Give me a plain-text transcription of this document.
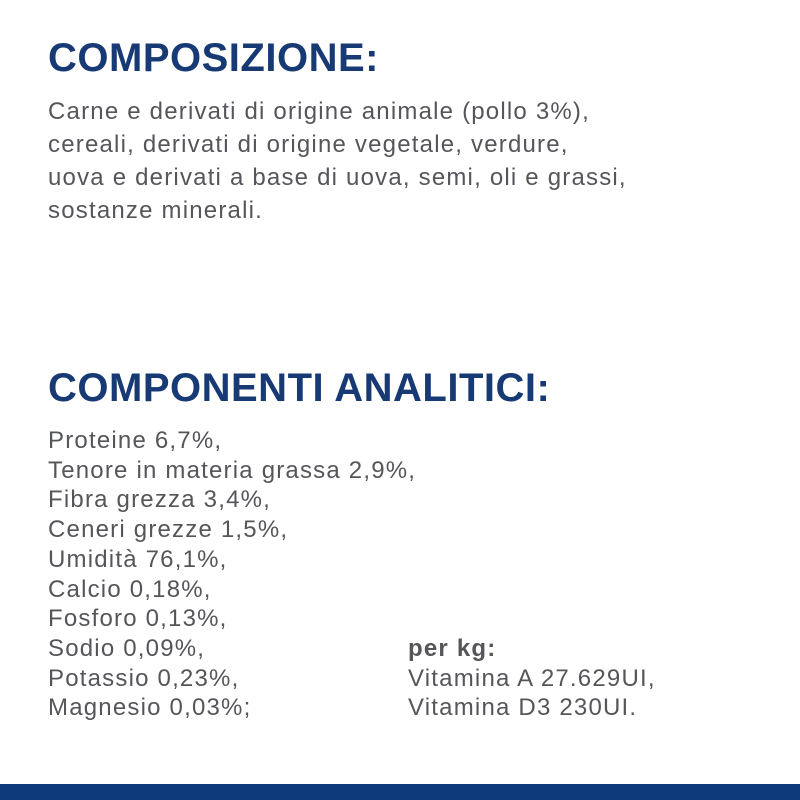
COMPOSIZIONE:
Carne e derivati di origine animale (pollo 3%),
cereali, derivati di origine vegetale, verdure,
uova e derivati a base di uova, semi, oli e grassi,
sostanze minerali.
COMPONENTI ANALITICI:
Proteine 6,7%,
Tenore in materia grassa 2,9%,
Fibra grezza 3,4%,
Ceneri grezze 1,5%,
Umidità 76,1%,
Calcio 0,18%,
Fosforo 0,13%,
Sodio 0,09%,
Potassio 0,23%,
Magnesio 0,03%;
per kg:
Vitamina A 27.629UI,
Vitamina D3 230UI.
